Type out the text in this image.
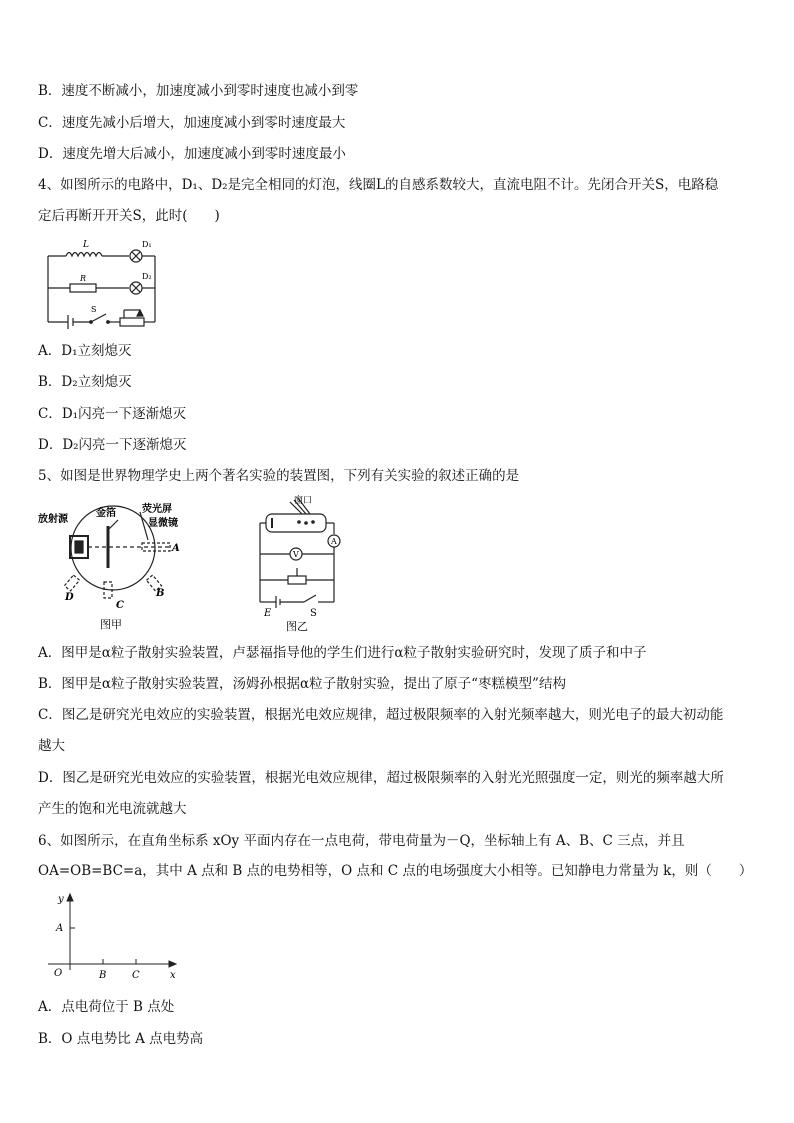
B．速度不断减小，加速度减小到零时速度也减小到零
C．速度先减小后增大，加速度减小到零时速度最大
D．速度先增大后减小，加速度减小到零时速度最小
4、如图所示的电路中，D₁、D₂是完全相同的灯泡，线圈L的自感系数较大，直流电阻不计。先闭合开关S，电路稳
定后再断开开关S，此时(　　)
L	D₁
R	D₂
S
A．D₁立刻熄灭
B．D₂立刻熄灭
C．D₁闪亮一下逐渐熄灭
D．D₂闪亮一下逐渐熄灭
5、如图是世界物理学史上两个著名实验的装置图，下列有关实验的叙述正确的是
放射源
金箔	荧光屏
显微镜
A
B
C
D
图甲
窗口
A
V
E	S
图乙
A．图甲是α粒子散射实验装置，卢瑟福指导他的学生们进行α粒子散射实验研究时，发现了质子和中子
B．图甲是α粒子散射实验装置，汤姆孙根据α粒子散射实验，提出了原子“枣糕模型”结构
C．图乙是研究光电效应的实验装置，根据光电效应规律，超过极限频率的入射光频率越大，则光电子的最大初动能
越大
D．图乙是研究光电效应的实验装置，根据光电效应规律，超过极限频率的入射光光照强度一定，则光的频率越大所
产生的饱和光电流就越大
6、如图所示，在直角坐标系 xOy 平面内存在一点电荷，带电荷量为－Q，坐标轴上有 A、B、C 三点，并且
OA=OB=BC=a，其中 A 点和 B 点的电势相等，O 点和 C 点的电场强度大小相等。已知静电力常量为 k，则（　　）
y
A
O	B	C	x
A．点电荷位于 B 点处
B．O 点电势比 A 点电势高
